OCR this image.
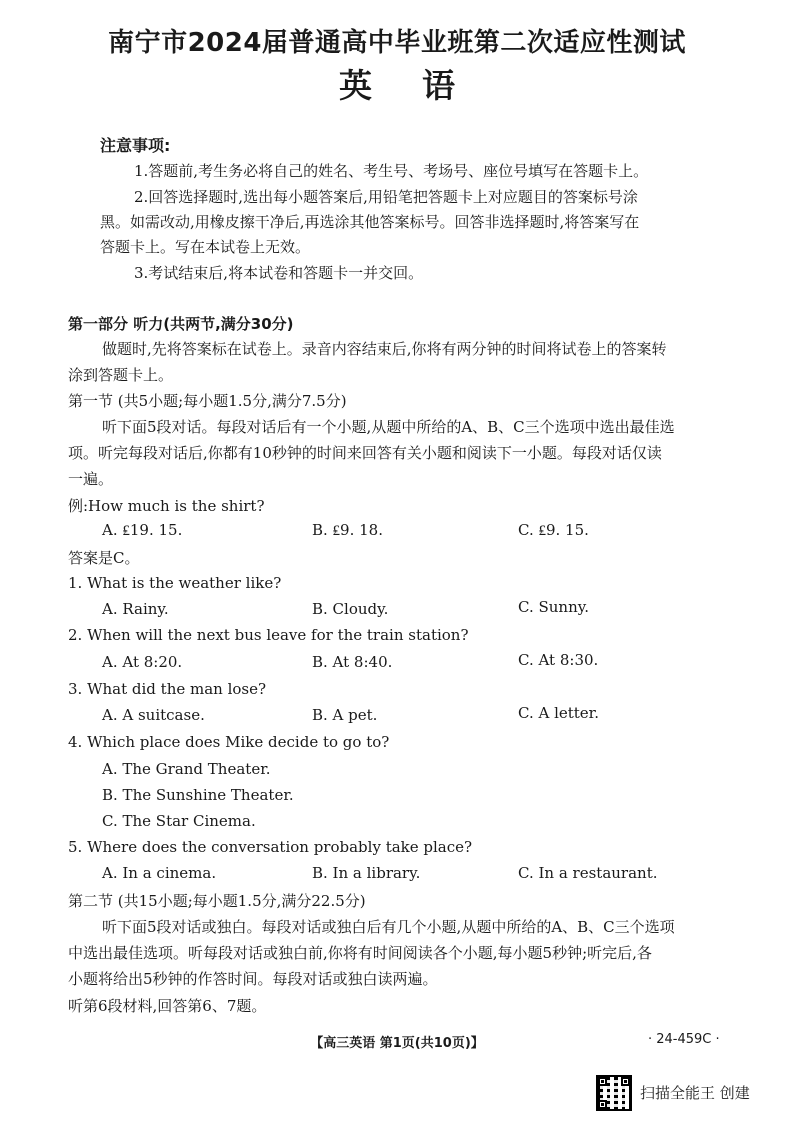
南宁市2024届普通高中毕业班第二次适应性测试
英语
注意事项:
1.答题前,考生务必将自己的姓名、考生号、考场号、座位号填写在答题卡上。
2.回答选择题时,选出每小题答案后,用铅笔把答题卡上对应题目的答案标号涂
黑。如需改动,用橡皮擦干净后,再选涂其他答案标号。回答非选择题时,将答案写在
答题卡上。写在本试卷上无效。
3.考试结束后,将本试卷和答题卡一并交回。
第一部分 听力(共两节,满分30分)
做题时,先将答案标在试卷上。录音内容结束后,你将有两分钟的时间将试卷上的答案转
涂到答题卡上。
第一节 (共5小题;每小题1.5分,满分7.5分)
听下面5段对话。每段对话后有一个小题,从题中所给的A、B、C三个选项中选出最佳选
项。听完每段对话后,你都有10秒钟的时间来回答有关小题和阅读下一小题。每段对话仅读
一遍。
例:How much is the shirt?
A. ₤19. 15.	B. ₤9. 18.	C. ₤9. 15.
答案是C。
1. What is the weather like?
A. Rainy.	B. Cloudy.	C. Sunny.
2. When will the next bus leave for the train station?
A. At 8:20.	B. At 8:40.	C. At 8:30.
3. What did the man lose?
A. A suitcase.	B. A pet.	C. A letter.
4. Which place does Mike decide to go to?
A. The Grand Theater.
B. The Sunshine Theater.
C. The Star Cinema.
5. Where does the conversation probably take place?
A. In a cinema.	B. In a library.	C. In a restaurant.
第二节 (共15小题;每小题1.5分,满分22.5分)
听下面5段对话或独白。每段对话或独白后有几个小题,从题中所给的A、B、C三个选项
中选出最佳选项。听每段对话或独白前,你将有时间阅读各个小题,每小题5秒钟;听完后,各
小题将给出5秒钟的作答时间。每段对话或独白读两遍。
听第6段材料,回答第6、7题。
【高三英语 第1页(共10页)】	· 24-459C ·
扫描全能王 创建
